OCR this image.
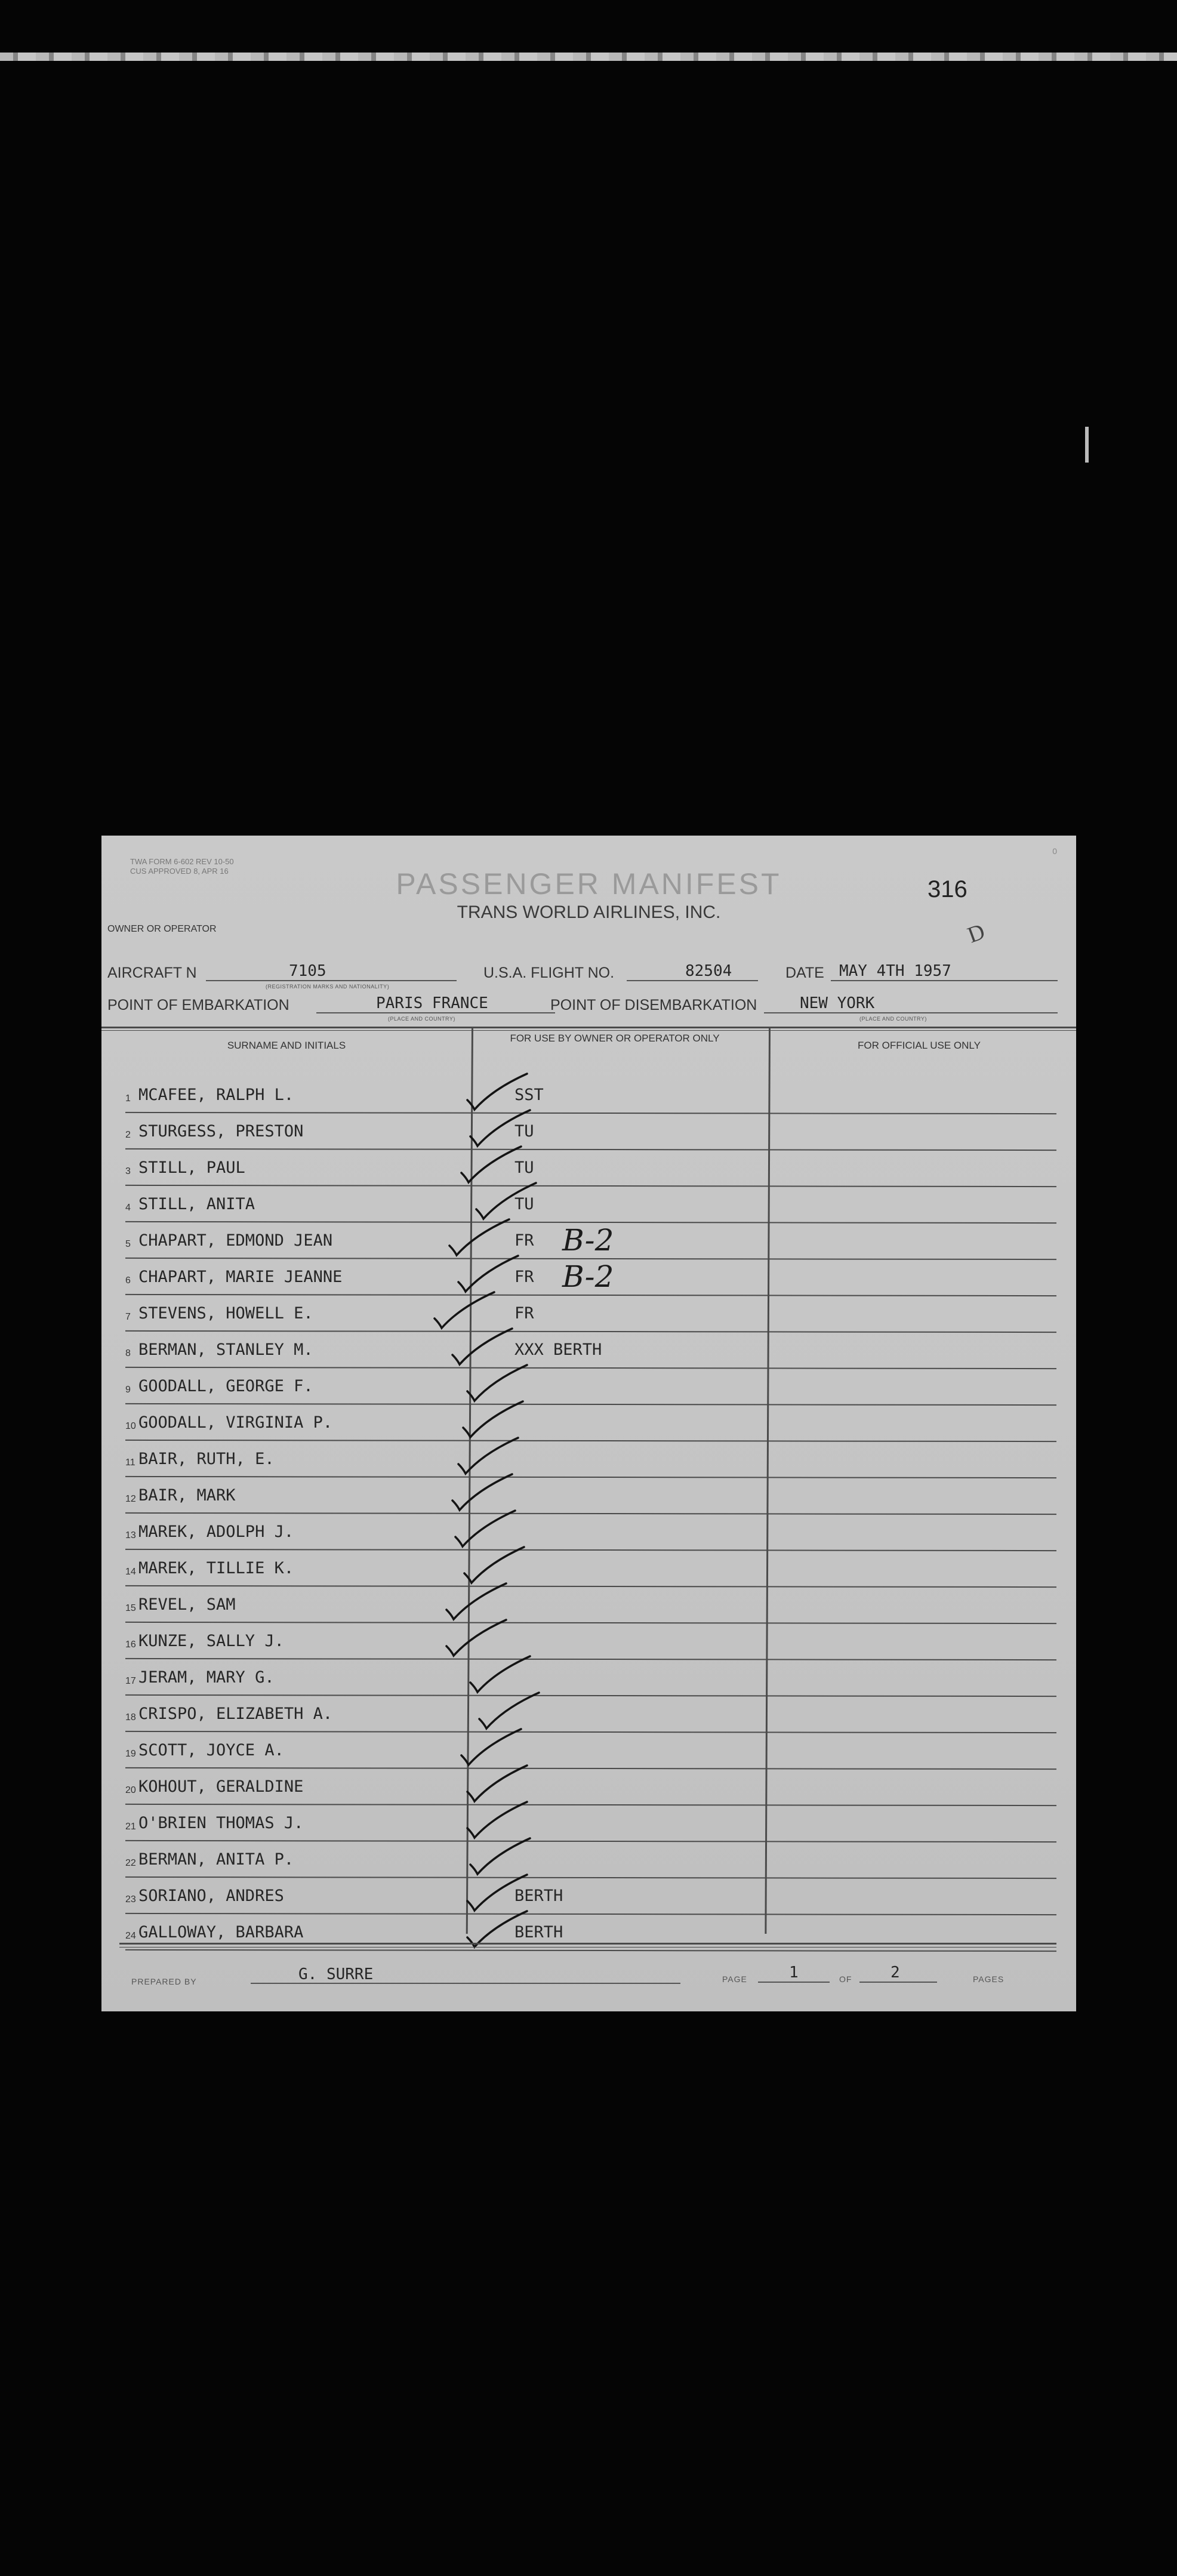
TWA FORM 6-602 REV 10-50
CUS APPROVED 8, APR 16
0
PASSENGER MANIFEST
TRANS WORLD AIRLINES, INC.
316
D
OWNER OR OPERATOR
AIRCRAFT N	7105
(REGISTRATION MARKS AND NATIONALITY)
U.S.A. FLIGHT NO.	82504	DATE MAY 4TH 1957
POINT OF EMBARKATION	PARIS FRANCE
(PLACE AND COUNTRY)
POINT OF DISEMBARKATION	NEW YORK
(PLACE AND COUNTRY)
SURNAME AND INITIALS
FOR USE BY OWNER OR OPERATOR ONLY
FOR OFFICIAL USE ONLY
1 MCAFEE, RALPH L.	SST
2 STURGESS, PRESTON	TU
3 STILL, PAUL	TU
4 STILL, ANITA	TU
5 CHAPART, EDMOND JEAN	FR B-2
6 CHAPART, MARIE JEANNE	FR B-2
7 STEVENS, HOWELL E.	FR
8 BERMAN, STANLEY M.	XXX BERTH
9 GOODALL, GEORGE F.
10 GOODALL, VIRGINIA P.
11 BAIR, RUTH, E.
12 BAIR, MARK
13 MAREK, ADOLPH J.
14 MAREK, TILLIE K.
15 REVEL, SAM
16 KUNZE, SALLY J.
17 JERAM, MARY G.
18 CRISPO, ELIZABETH A.
19 SCOTT, JOYCE A.
20 KOHOUT, GERALDINE
21 O'BRIEN THOMAS J.
22 BERMAN, ANITA P.
23 SORIANO, ANDRES	BERTH
24 GALLOWAY, BARBARA	BERTH
PREPARED BY	G. SURRE	PAGE	1	OF 2	PAGES
